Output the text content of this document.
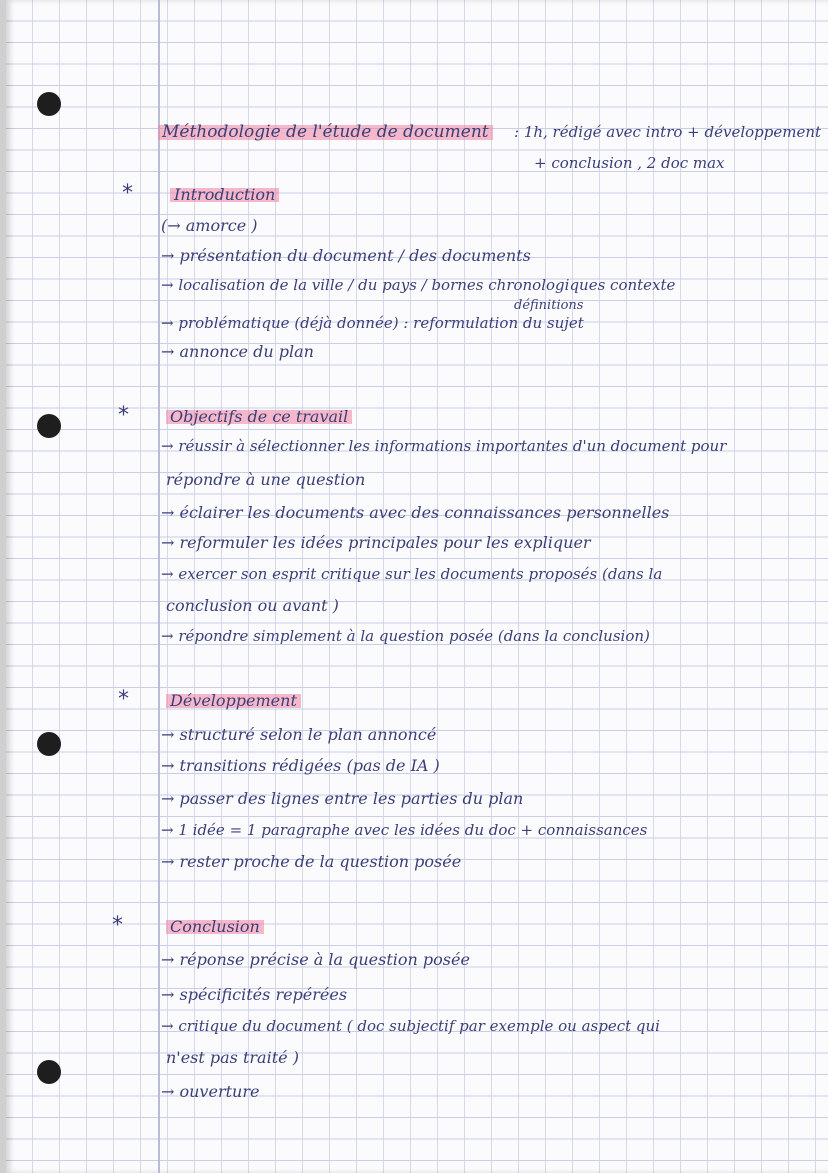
Méthodologie de l'étude de document : 1h, rédigé avec intro + développement
+ conclusion , 2 doc max
*	Introduction
(→ amorce )
→ présentation du document / des documents
→ localisation de la ville / du pays / bornes chronologiques contexte
définitions
→ problématique (déjà donnée) : reformulation du sujet
→ annonce du plan
*	Objectifs de ce travail
→ réussir à sélectionner les informations importantes d'un document pour
répondre à une question
→ éclairer les documents avec des connaissances personnelles
→ reformuler les idées principales pour les expliquer
→ exercer son esprit critique sur les documents proposés (dans la
conclusion ou avant )
→ répondre simplement à la question posée (dans la conclusion)
*	Développement
→ structuré selon le plan annoncé
→ transitions rédigées (pas de IA )
→ passer des lignes entre les parties du plan
→ 1 idée = 1 paragraphe avec les idées du doc + connaissances
→ rester proche de la question posée
*	Conclusion
→ réponse précise à la question posée
→ spécificités repérées
→ critique du document ( doc subjectif par exemple ou aspect qui
n'est pas traité )
→ ouverture
